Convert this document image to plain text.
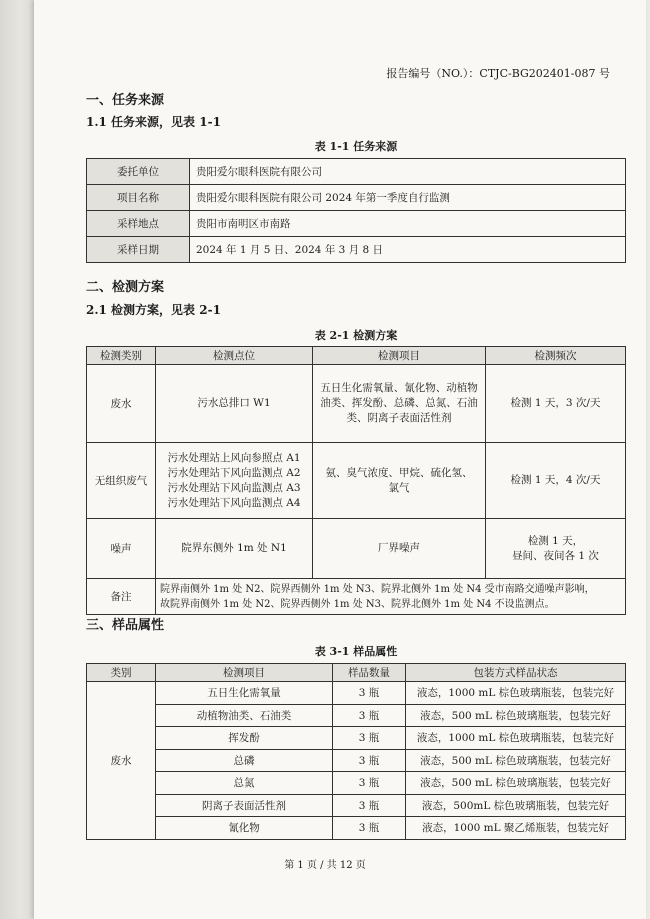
报告编号（NO.）：CTJC-BG202401-087 号
一、任务来源
1.1 任务来源，见表 1-1
表 1-1 任务来源
委托单位	贵阳爱尔眼科医院有限公司
项目名称	贵阳爱尔眼科医院有限公司 2024 年第一季度自行监测
采样地点	贵阳市南明区市南路
采样日期	2024 年 1 月 5 日、2024 年 3 月 8 日
二、检测方案
2.1 检测方案，见表 2-1
表 2-1 检测方案
检测类别	检测点位	检测项目	检测频次
废水	污水总排口 W1	五日生化需氧量、氰化物、动植物
油类、挥发酚、总磷、总氮、石油
类、阴离子表面活性剂	检测 1 天，3 次/天

无组织废气	污水处理站上风向参照点 A1
污水处理站下风向监测点 A2
污水处理站下风向监测点 A3
污水处理站下风向监测点 A4	氨、臭气浓度、甲烷、硫化氢、
氯气	检测 1 天，4 次/天

噪声	院界东侧外 1m 处 N1	厂界噪声	检测 1 天，
昼间、夜间各 1 次

备注	院界南侧外 1m 处 N2、院界西侧外 1m 处 N3、院界北侧外 1m 处 N4 受市南路交通噪声影响，
故院界南侧外 1m 处 N2、院界西侧外 1m 处 N3、院界北侧外 1m 处 N4 不设监测点。		
三、样品属性
表 3-1 样品属性
类别	检测项目	样品数量	包装方式样品状态
废水	五日生化需氧量	3 瓶	液态，1000 mL 棕色玻璃瓶装，包装完好
	动植物油类、石油类	3 瓶	液态，500 mL 棕色玻璃瓶装，包装完好
	挥发酚	3 瓶	液态，1000 mL 棕色玻璃瓶装，包装完好
	总磷	3 瓶	液态，500 mL 棕色玻璃瓶装，包装完好
	总氮	3 瓶	液态，500 mL 棕色玻璃瓶装，包装完好
	阴离子表面活性剂	3 瓶	液态，500mL 棕色玻璃瓶装，包装完好
	氰化物	3 瓶	液态，1000 mL 聚乙烯瓶装，包装完好
第 1 页 / 共 12 页
